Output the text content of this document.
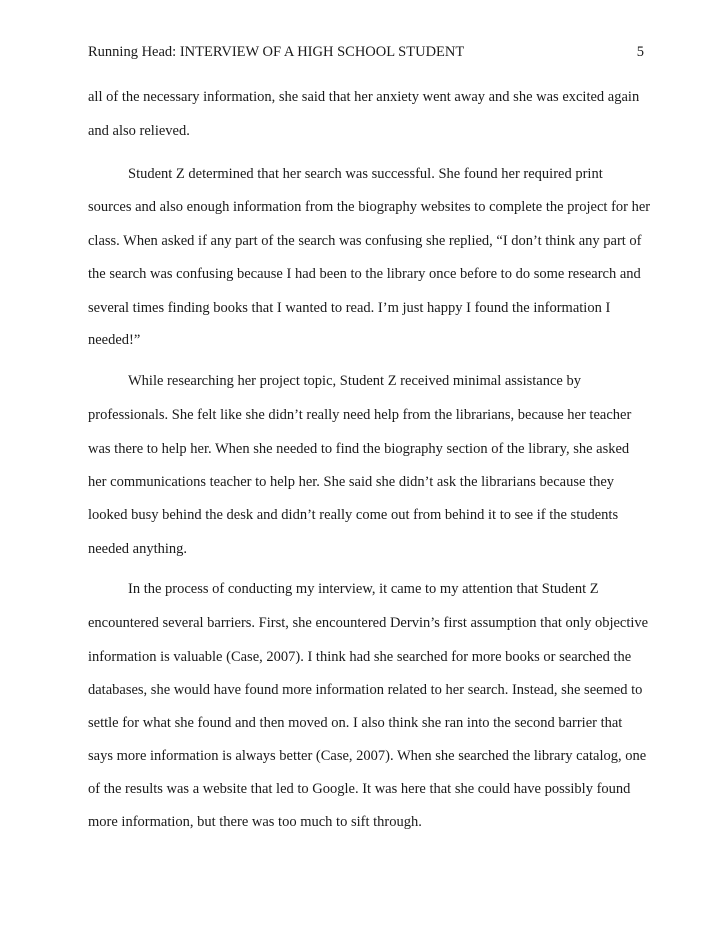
Running Head: INTERVIEW OF A HIGH SCHOOL STUDENT	5
all of the necessary information, she said that her anxiety went away and she was excited again
and also relieved.
Student Z determined that her search was successful. She found her required print
sources and also enough information from the biography websites to complete the project for her
class. When asked if any part of the search was confusing she replied, “I don’t think any part of
the search was confusing because I had been to the library once before to do some research and
several times finding books that I wanted to read. I’m just happy I found the information I
needed!”
While researching her project topic, Student Z received minimal assistance by
professionals. She felt like she didn’t really need help from the librarians, because her teacher
was there to help her. When she needed to find the biography section of the library, she asked
her communications teacher to help her. She said she didn’t ask the librarians because they
looked busy behind the desk and didn’t really come out from behind it to see if the students
needed anything.
In the process of conducting my interview, it came to my attention that Student Z
encountered several barriers. First, she encountered Dervin’s first assumption that only objective
information is valuable (Case, 2007). I think had she searched for more books or searched the
databases, she would have found more information related to her search. Instead, she seemed to
settle for what she found and then moved on. I also think she ran into the second barrier that
says more information is always better (Case, 2007). When she searched the library catalog, one
of the results was a website that led to Google. It was here that she could have possibly found
more information, but there was too much to sift through.
